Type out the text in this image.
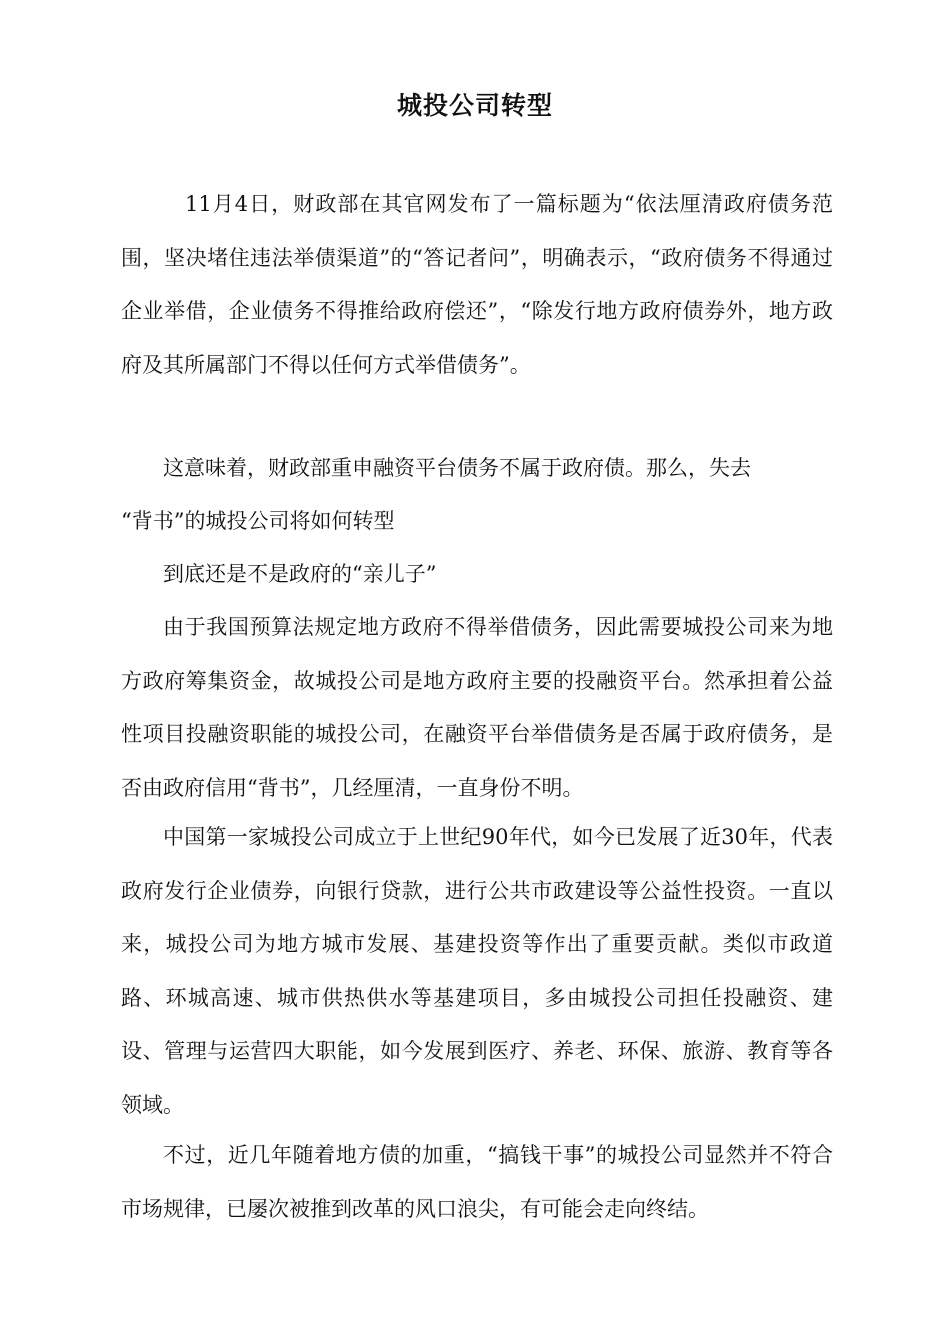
城投公司转型

11月4日，财政部在其官网发布了一篇标题为“依法厘清政府债务范围，坚决堵住违法举债渠道”的“答记者问”，明确表示，“政府债务不得通过企业举借，企业债务不得推给政府偿还”，“除发行地方政府债券外，地方政府及其所属部门不得以任何方式举借债务”。

这意味着，财政部重申融资平台债务不属于政府债。那么，失去

“背书”的城投公司将如何转型

到底还是不是政府的“亲儿子”

由于我国预算法规定地方政府不得举借债务，因此需要城投公司来为地方政府筹集资金，故城投公司是地方政府主要的投融资平台。然承担着公益性项目投融资职能的城投公司，在融资平台举借债务是否属于政府债务，是否由政府信用“背书”，几经厘清，一直身份不明。

中国第一家城投公司成立于上世纪90年代，如今已发展了近30年，代表政府发行企业债券，向银行贷款，进行公共市政建设等公益性投资。一直以来，城投公司为地方城市发展、基建投资等作出了重要贡献。类似市政道路、环城高速、城市供热供水等基建项目，多由城投公司担任投融资、建设、管理与运营四大职能，如今发展到医疗、养老、环保、旅游、教育等各领域。

不过，近几年随着地方债的加重，“搞钱干事”的城投公司显然并不符合市场规律，已屡次被推到改革的风口浪尖，有可能会走向终结。
